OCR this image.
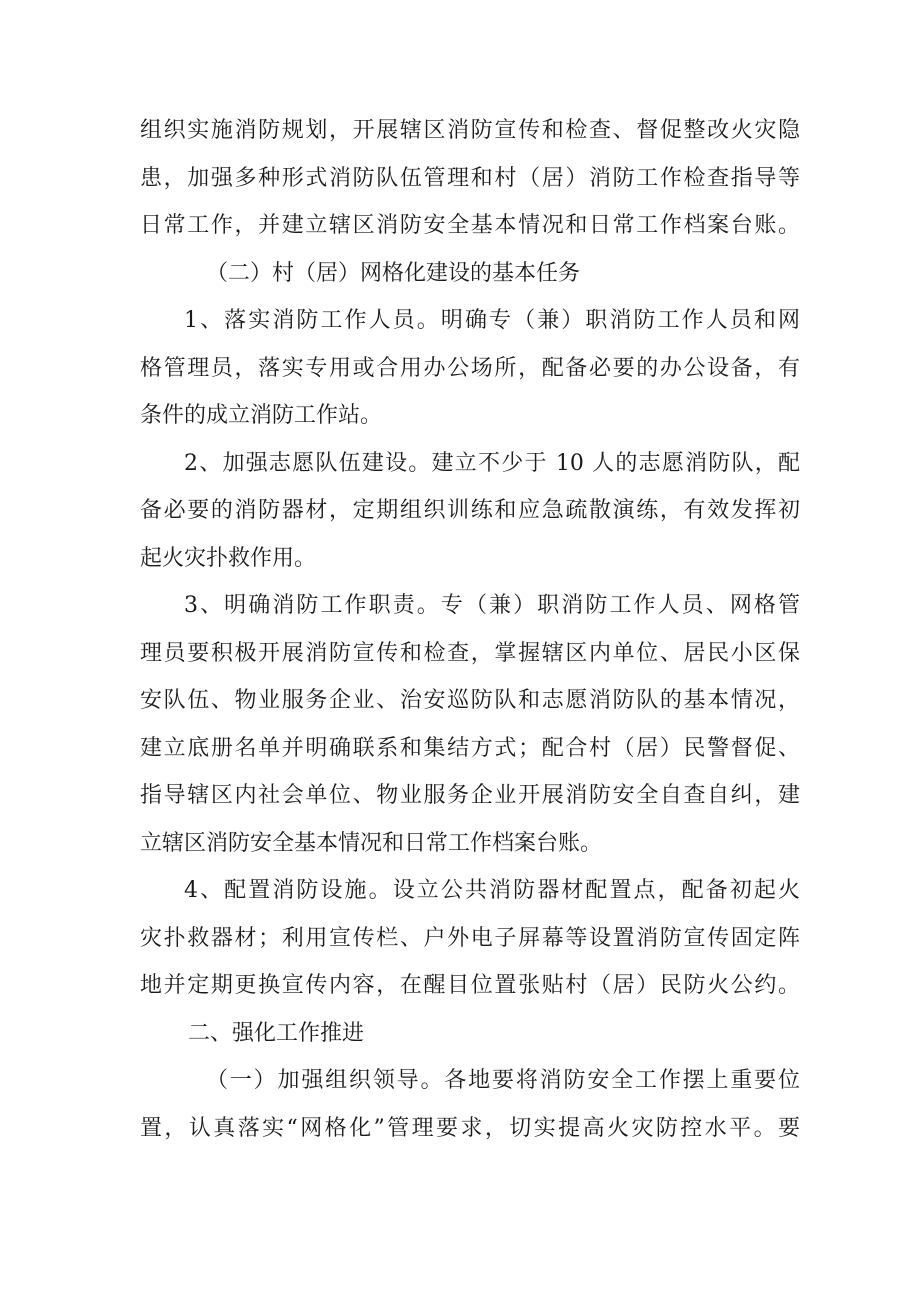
组织实施消防规划，开展辖区消防宣传和检查、督促整改火灾隐
患，加强多种形式消防队伍管理和村（居）消防工作检查指导等
日常工作，并建立辖区消防安全基本情况和日常工作档案台账。
（二）村（居）网格化建设的基本任务
1、落实消防工作人员。明确专（兼）职消防工作人员和网
格管理员，落实专用或合用办公场所，配备必要的办公设备，有
条件的成立消防工作站。
2、加强志愿队伍建设。建立不少于 10 人的志愿消防队，配
备必要的消防器材，定期组织训练和应急疏散演练，有效发挥初
起火灾扑救作用。
3、明确消防工作职责。专（兼）职消防工作人员、网格管
理员要积极开展消防宣传和检查，掌握辖区内单位、居民小区保
安队伍、物业服务企业、治安巡防队和志愿消防队的基本情况，
建立底册名单并明确联系和集结方式；配合村（居）民警督促、
指导辖区内社会单位、物业服务企业开展消防安全自查自纠，建
立辖区消防安全基本情况和日常工作档案台账。
4、配置消防设施。设立公共消防器材配置点，配备初起火
灾扑救器材；利用宣传栏、户外电子屏幕等设置消防宣传固定阵
地并定期更换宣传内容，在醒目位置张贴村（居）民防火公约。
二、强化工作推进
（一）加强组织领导。各地要将消防安全工作摆上重要位
置，认真落实“网格化”管理要求，切实提高火灾防控水平。要
